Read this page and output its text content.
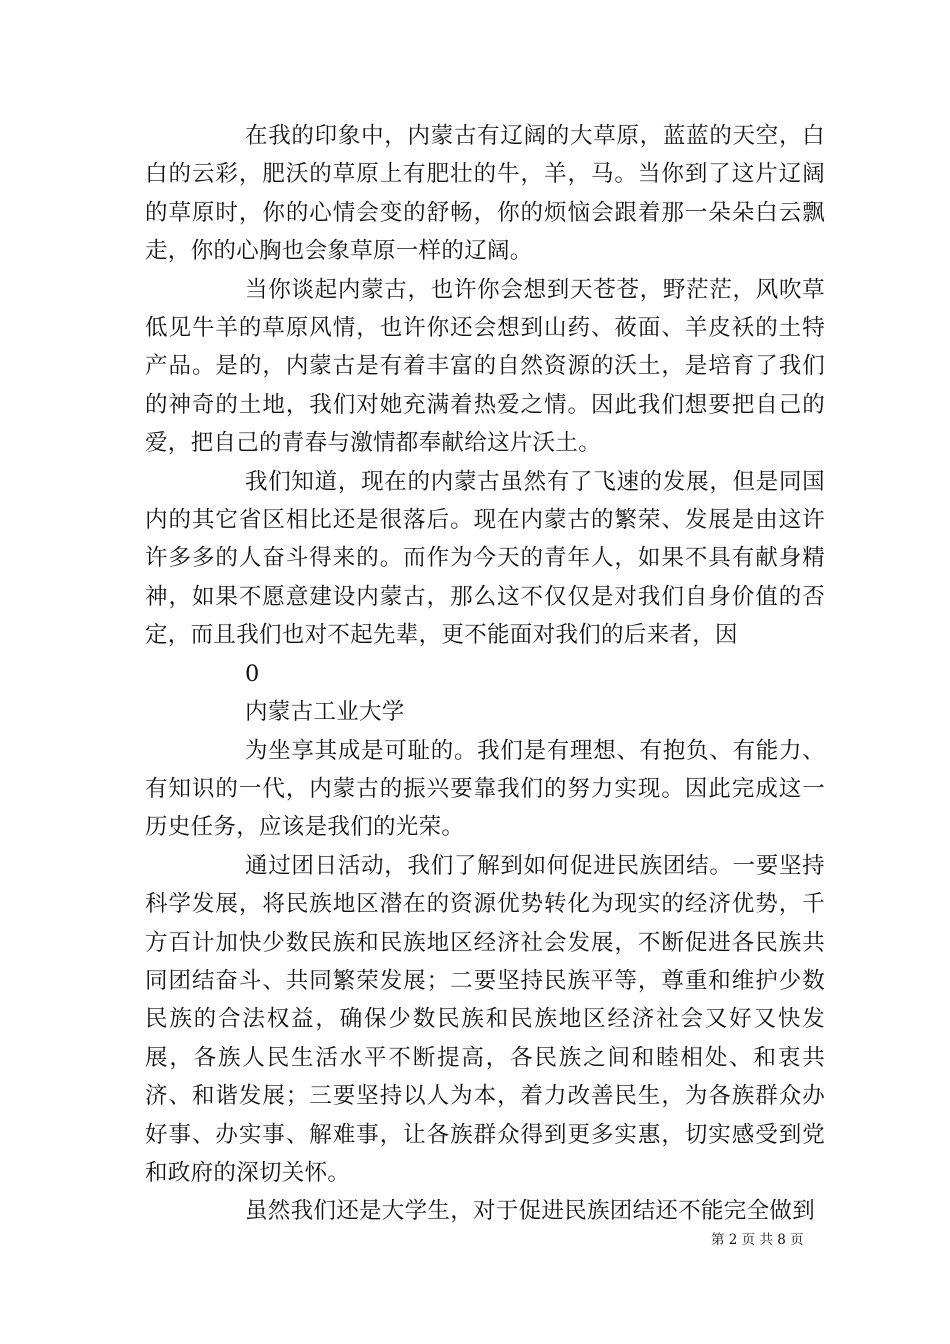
在我的印象中，内蒙古有辽阔的大草原，蓝蓝的天空，白白的云彩，肥沃的草原上有肥壮的牛，羊，马。当你到了这片辽阔的草原时，你的心情会变的舒畅，你的烦恼会跟着那一朵朵白云飘走，你的心胸也会象草原一样的辽阔。

当你谈起内蒙古，也许你会想到天苍苍，野茫茫，风吹草低见牛羊的草原风情，也许你还会想到山药、莜面、羊皮袄的土特产品。是的，内蒙古是有着丰富的自然资源的沃土，是培育了我们的神奇的土地，我们对她充满着热爱之情。因此我们想要把自己的爱，把自己的青春与激情都奉献给这片沃土。

我们知道，现在的内蒙古虽然有了飞速的发展，但是同国内的其它省区相比还是很落后。现在内蒙古的繁荣、发展是由这许许多多的人奋斗得来的。而作为今天的青年人，如果不具有献身精神，如果不愿意建设内蒙古，那么这不仅仅是对我们自身价值的否定，而且我们也对不起先辈，更不能面对我们的后来者，因

0

内蒙古工业大学

为坐享其成是可耻的。我们是有理想、有抱负、有能力、有知识的一代，内蒙古的振兴要靠我们的努力实现。因此完成这一历史任务，应该是我们的光荣。

通过团日活动，我们了解到如何促进民族团结。一要坚持科学发展，将民族地区潜在的资源优势转化为现实的经济优势，千方百计加快少数民族和民族地区经济社会发展，不断促进各民族共同团结奋斗、共同繁荣发展；二要坚持民族平等，尊重和维护少数民族的合法权益，确保少数民族和民族地区经济社会又好又快发展，各族人民生活水平不断提高，各民族之间和睦相处、和衷共济、和谐发展；三要坚持以人为本，着力改善民生，为各族群众办好事、办实事、解难事，让各族群众得到更多实惠，切实感受到党和政府的深切关怀。

虽然我们还是大学生，对于促进民族团结还不能完全做到

第 2 页 共 8 页
